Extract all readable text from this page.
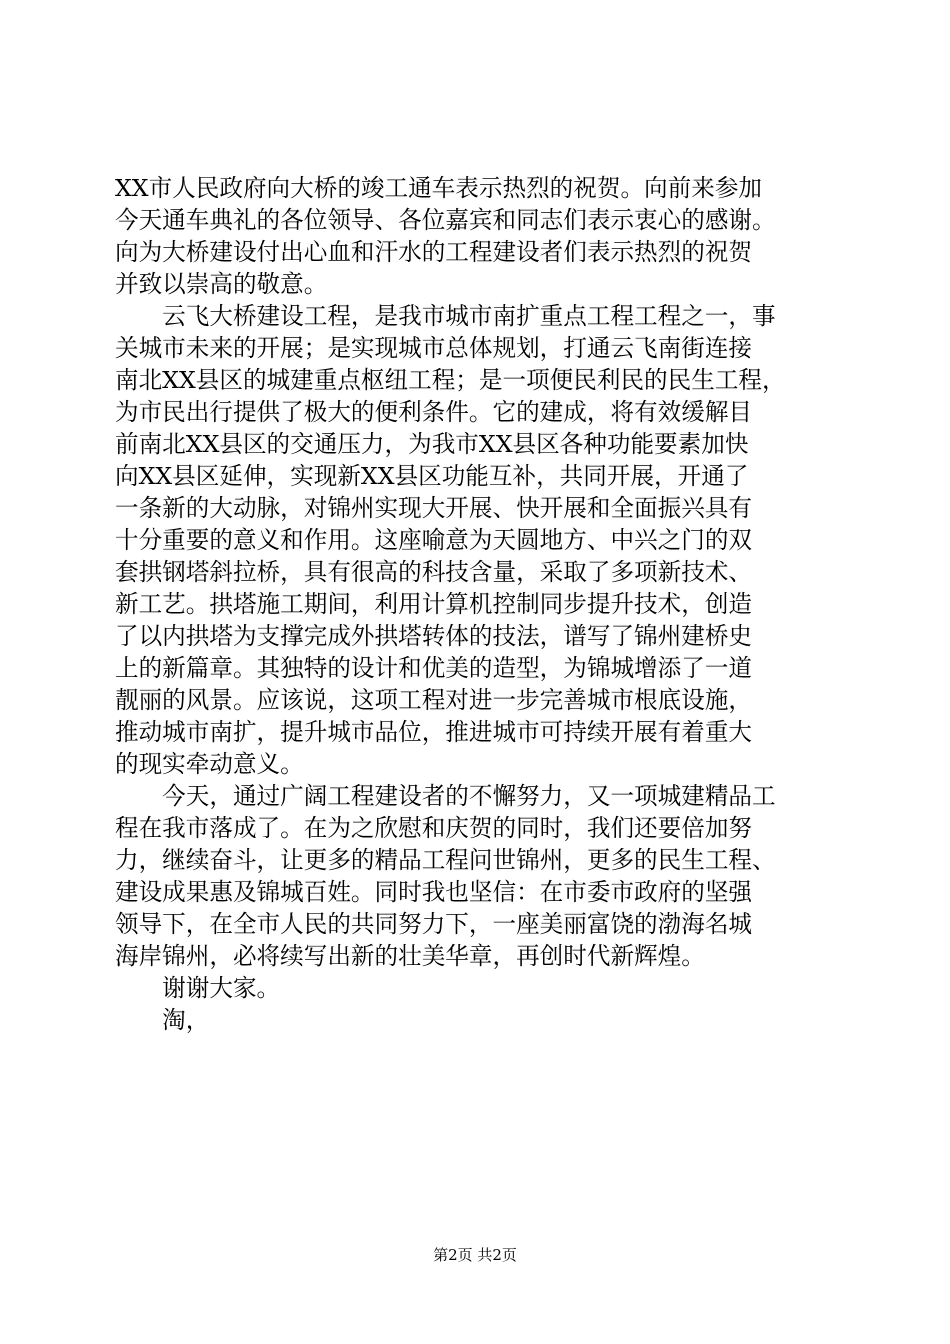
XX市人民政府向大桥的竣工通车表示热烈的祝贺。向前来参加
今天通车典礼的各位领导、各位嘉宾和同志们表示衷心的感谢。
向为大桥建设付出心血和汗水的工程建设者们表示热烈的祝贺
并致以崇高的敬意。
　　云飞大桥建设工程，是我市城市南扩重点工程工程之一，事
关城市未来的开展；是实现城市总体规划，打通云飞南街连接
南北XX县区的城建重点枢纽工程；是一项便民利民的民生工程，
为市民出行提供了极大的便利条件。它的建成，将有效缓解目
前南北XX县区的交通压力，为我市XX县区各种功能要素加快
向XX县区延伸，实现新XX县区功能互补，共同开展，开通了
一条新的大动脉，对锦州实现大开展、快开展和全面振兴具有
十分重要的意义和作用。这座喻意为天圆地方、中兴之门的双
套拱钢塔斜拉桥，具有很高的科技含量，采取了多项新技术、
新工艺。拱塔施工期间，利用计算机控制同步提升技术，创造
了以内拱塔为支撑完成外拱塔转体的技法，谱写了锦州建桥史
上的新篇章。其独特的设计和优美的造型，为锦城增添了一道
靓丽的风景。应该说，这项工程对进一步完善城市根底设施，
推动城市南扩，提升城市品位，推进城市可持续开展有着重大
的现实牵动意义。
　　今天，通过广阔工程建设者的不懈努力，又一项城建精品工
程在我市落成了。在为之欣慰和庆贺的同时，我们还要倍加努
力，继续奋斗，让更多的精品工程问世锦州，更多的民生工程、
建设成果惠及锦城百姓。同时我也坚信：在市委市政府的坚强
领导下，在全市人民的共同努力下，一座美丽富饶的渤海名城
海岸锦州，必将续写出新的壮美华章，再创时代新辉煌。
　　谢谢大家。
　　淘，
第2页 共2页
